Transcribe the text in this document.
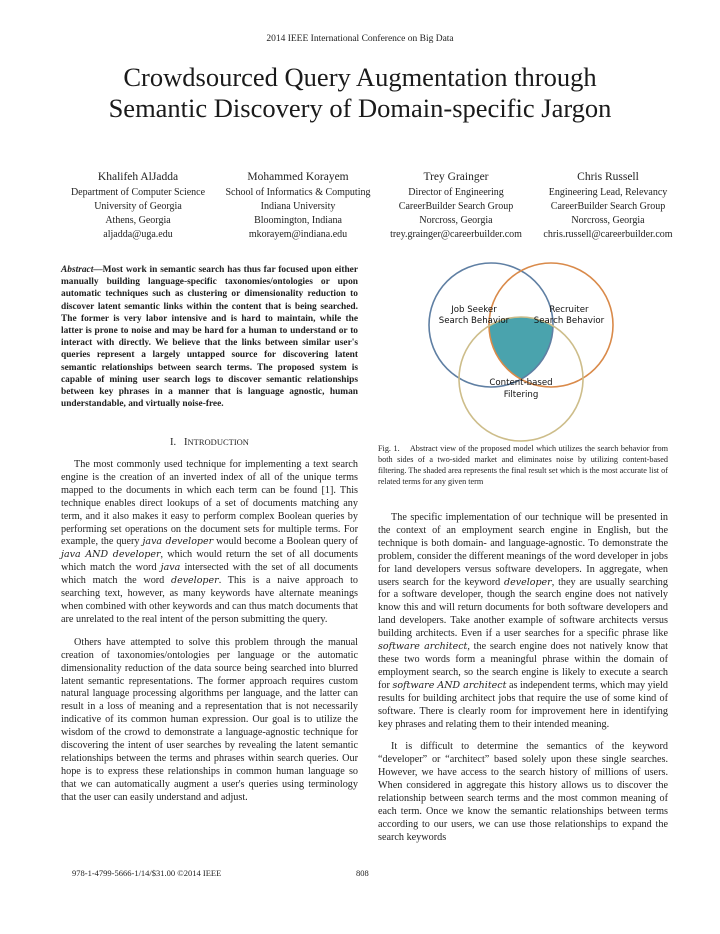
2014 IEEE International Conference on Big Data
Crowdsourced Query Augmentation through
Semantic Discovery of Domain-specific Jargon
Khalifeh AlJadda
Department of Computer Science
University of Georgia
Athens, Georgia
aljadda@uga.edu
Mohammed Korayem
School of Informatics & Computing
Indiana University
Bloomington, Indiana
mkorayem@indiana.edu
Trey Grainger
Director of Engineering
CareerBuilder Search Group
Norcross, Georgia
trey.grainger@careerbuilder.com
Chris Russell
Engineering Lead, Relevancy
CareerBuilder Search Group
Norcross, Georgia
chris.russell@careerbuilder.com
Abstract—Most work in semantic search has thus far focused upon either manually building language-specific taxonomies/ontologies or upon automatic techniques such as clustering or dimensionality reduction to discover latent semantic links within the content that is being searched. The former is very labor intensive and is hard to maintain, while the latter is prone to noise and may be hard for a human to understand or to interact with directly. We believe that the links between similar user's queries represent a largely untapped source for discovering latent semantic relationships between search terms. The proposed system is capable of mining user search logs to discover semantic relationships between key phrases in a manner that is language agnostic, human understandable, and virtually noise-free.
I. INTRODUCTION

The most commonly used technique for implementing a text search engine is the creation of an inverted index of all of the unique terms mapped to the documents in which each term can be found [1]. This technique enables direct lookups of a set of documents matching any term, and it also makes it easy to perform complex Boolean queries by performing set operations on the document sets for multiple terms. For example, the query java developer would become a Boolean query of java AND developer, which would return the set of all documents which match the word java intersected with the set of all documents which match the word developer. This is a naive approach to searching text, however, as many keywords have alternate meanings when combined with other keywords and can thus match documents that are unrelated to the real intent of the person submitting the query.

Others have attempted to solve this problem through the manual creation of taxonomies/ontologies per language or the automatic dimensionality reduction of the data source being searched into blurred latent semantic representations. The former approach requires custom natural language processing algorithms per language, and the latter can result in a loss of meaning and a representation that is not necessarily indicative of its common human expression. Our goal is to utilize the wisdom of the crowd to demonstrate a language-agnostic technique for discovering the intent of user searches by revealing the latent semantic relationships between the terms and phrases within search queries. Our hope is to express these relationships in common human language so that we can automatically augment a user's queries using terminology that the user can easily understand and adjust.

Job Seeker
Search Behavior
Recruiter
Search Behavior
Content-based
Filtering
Fig. 1. Abstract view of the proposed model which utilizes the search behavior from both sides of a two-sided market and eliminates noise by utilizing content-based filtering. The shaded area represents the final result set which is the most accurate list of related terms for any given term

The specific implementation of our technique will be presented in the context of an employment search engine in English, but the technique is both domain- and language-agnostic. To demonstrate the problem, consider the different meanings of the word developer in jobs for land developers versus software developers. In aggregate, when users search for the keyword developer, they are usually searching for a software developer, though the search engine does not natively know this and will return documents for both software developers and land developers. Take another example of software architects versus building architects. Even if a user searches for a specific phrase like software architect, the search engine does not natively know that these two words form a meaningful phrase within the domain of employment search, so the search engine is likely to execute a search for software AND architect as independent terms, which may yield results for building architect jobs that require the use of some kind of software. There is clearly room for improvement here in identifying key phrases and relating them to their intended meaning.

It is difficult to determine the semantics of the keyword “developer” or “architect” based solely upon these single searches. However, we have access to the search history of millions of users. When considered in aggregate this history allows us to discover the relationship between search terms and the most common meaning of each term. Once we know the semantic relationships between terms according to our users, we can use those relationships to expand the search keywords

978-1-4799-5666-1/14/$31.00 ©2014 IEEE	808
